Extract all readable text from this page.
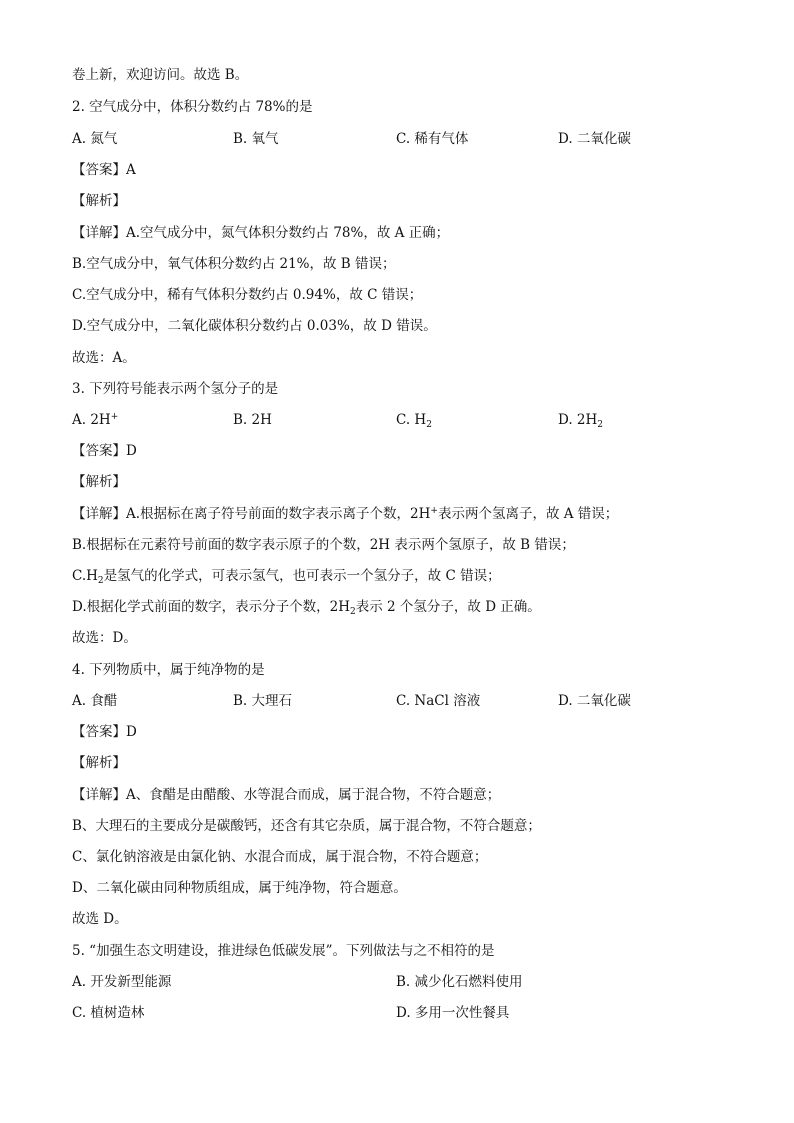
卷上新，欢迎访问。故选 B。
2. 空气成分中，体积分数约占 78%的是
A. 氮气	B. 氧气	C. 稀有气体	D. 二氧化碳
【答案】A
【解析】
【详解】A.空气成分中，氮气体积分数约占 78%，故 A 正确；
B.空气成分中，氧气体积分数约占 21%，故 B 错误；
C.空气成分中，稀有气体积分数约占 0.94%，故 C 错误；
D.空气成分中，二氧化碳体积分数约占 0.03%，故 D 错误。
故选：A。
3. 下列符号能表示两个氢分子的是
A. 2H+	B. 2H	C. $H_2$	D. $2H_2$
【答案】D
【解析】
【详解】A.根据标在离子符号前面的数字表示离子个数，2H+表示两个氢离子，故 A 错误；
B.根据标在元素符号前面的数字表示原子的个数，2H 表示两个氢原子，故 B 错误；
$C.H_2$是氢气的化学式，可表示氢气，也可表示一个氢分子，故 C 错误；
D.根据化学式前面的数字，表示分子个数，$2H_2$表示 2 个氢分子，故 D 正确。
故选：D。
4. 下列物质中，属于纯净物的是
A. 食醋	B. 大理石	C. NaCl 溶液	D. 二氧化碳
【答案】D
【解析】
【详解】A、食醋是由醋酸、水等混合而成，属于混合物，不符合题意；
B、大理石的主要成分是碳酸钙，还含有其它杂质，属于混合物，不符合题意；
C、氯化钠溶液是由氯化钠、水混合而成，属于混合物，不符合题意；
D、二氧化碳由同种物质组成，属于纯净物，符合题意。
故选 D。
5. “加强生态文明建设，推进绿色低碳发展”。下列做法与之不相符的是
A. 开发新型能源	B. 减少化石燃料使用
C. 植树造林	D. 多用一次性餐具
